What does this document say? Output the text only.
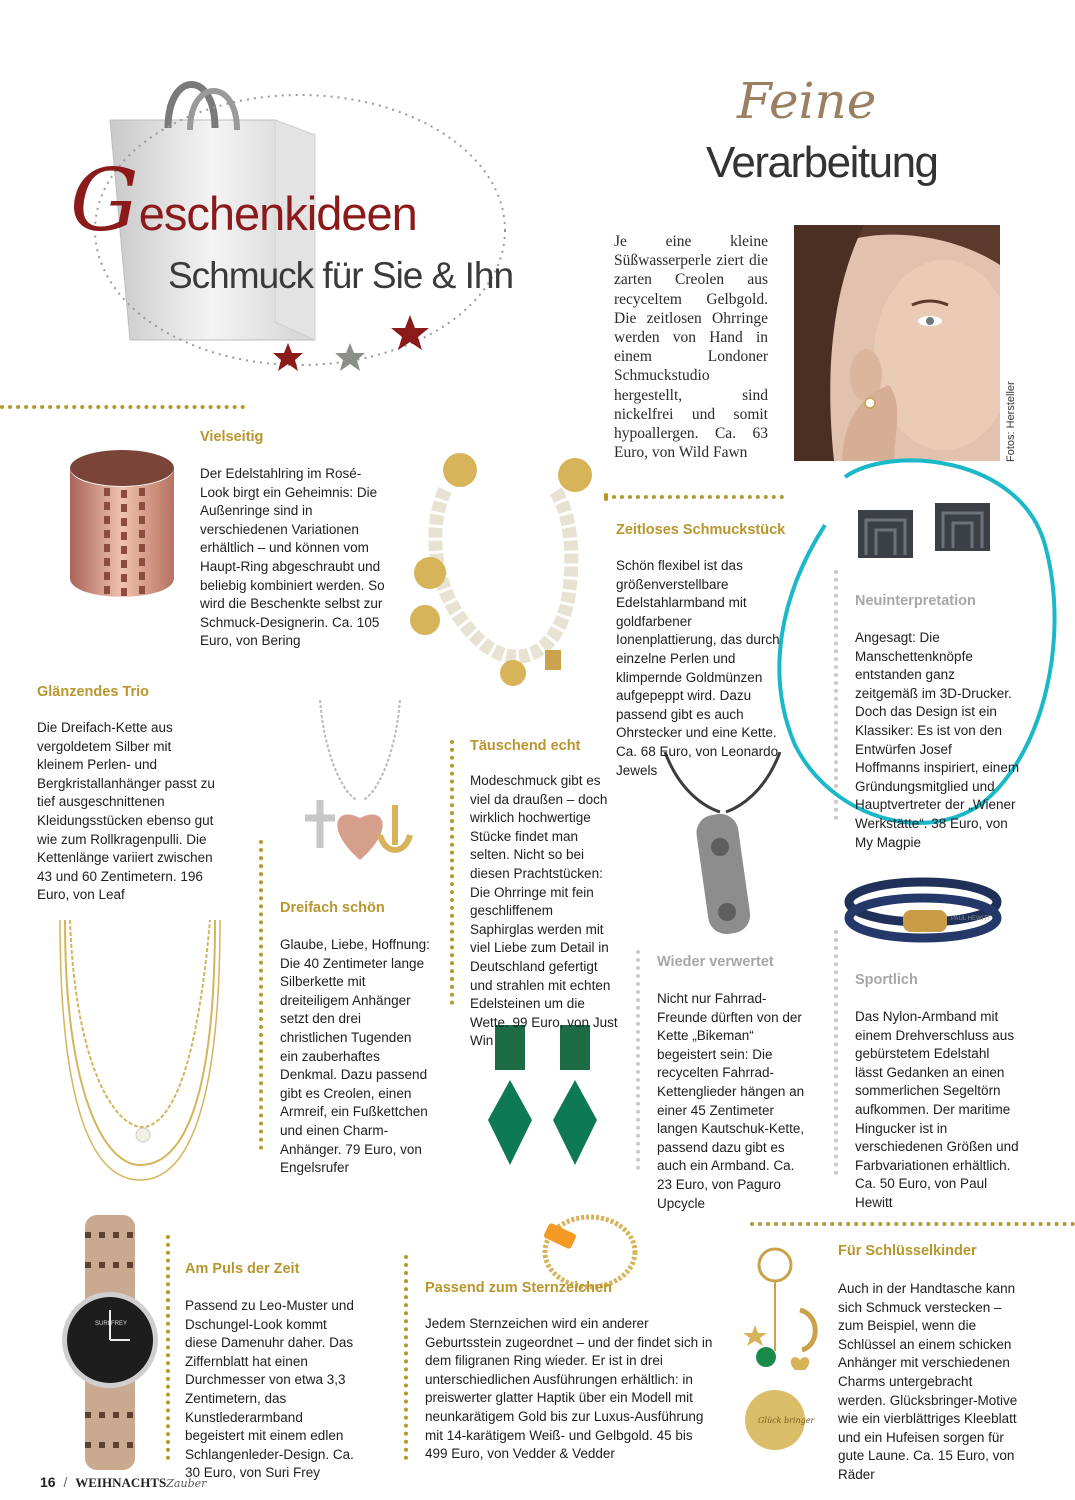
Geschenkideen
Schmuck für Sie & Ihn
Feine
Verarbeitung
Je eine kleine Süßwasserperle ziert die zarten Creolen aus recyceltem Gelbgold. Die zeitlosen Ohrringe werden von Hand in einem Londoner Schmuckstudio hergestellt, sind nickelfrei und somit hypoallergen. Ca. 63 Euro, von Wild Fawn	Fotos: Hersteller
PAUL HEWITT
SURI FREY
Glück bringer
Vielseitig
Der Edelstahlring im Rosé-Look birgt ein Geheimnis: Die Außenringe sind in verschiedenen Variationen erhältlich – und können vom Haupt-Ring abgeschraubt und beliebig kombiniert werden. So wird die Beschenkte selbst zur Schmuck-Designerin. Ca. 105 Euro, von Bering
Zeitloses Schmuckstück
Schön flexibel ist das größenverstellbare Edelstahlarmband mit goldfarbener Ionenplattierung, das durch einzelne Perlen und klimpernde Goldmünzen aufgepeppt wird. Dazu passend gibt es auch Ohrstecker und eine Kette. Ca. 68 Euro, von Leonardo Jewels
Neuinterpretation
Angesagt: Die Manschettenknöpfe entstanden ganz zeitgemäß im 3D-Drucker. Doch das Design ist ein Klassiker: Es ist von den Entwürfen Josef Hoffmanns inspiriert, einem Gründungsmitglied und Hauptvertreter der „Wiener Werkstätte“. 38 Euro, von My Magpie
Glänzendes Trio
Die Dreifach-Kette aus vergoldetem Silber mit kleinem Perlen- und Bergkristallanhänger passt zu tief ausgeschnittenen Kleidungsstücken ebenso gut wie zum Rollkragenpulli. Die Kettenlänge variiert zwischen 43 und 60 Zentimetern. 196 Euro, von Leaf
Dreifach schön
Glaube, Liebe, Hoffnung: Die 40 Zentimeter lange Silberkette mit dreiteiligem Anhänger setzt den drei christlichen Tugenden ein zauberhaftes Denkmal. Dazu passend gibt es Creolen, einen Armreif, ein Fußkettchen und einen Charm-Anhänger. 79 Euro, von Engelsrufer
Täuschend echt
Modeschmuck gibt es viel da draußen – doch wirklich hochwertige Stücke findet man selten. Nicht so bei diesen Prachtstücken: Die Ohrringe mit fein geschliffenem Saphirglas werden mit viel Liebe zum Detail in Deutschland gefertigt und strahlen mit echten Edelsteinen um die Wette. 99 Euro, von Just Win
Wieder verwertet
Nicht nur Fahrrad-Freunde dürften von der Kette „Bikeman“ begeistert sein: Die recycelten Fahrrad-Kettenglieder hängen an einer 45 Zentimeter langen Kautschuk-Kette, passend dazu gibt es auch ein Armband. Ca. 23 Euro, von Paguro Upcycle
Sportlich
Das Nylon-Armband mit einem Drehverschluss aus gebürstetem Edelstahl lässt Gedanken an einen sommerlichen Segeltörn aufkommen. Der maritime Hingucker ist in verschiedenen Größen und Farbvariationen erhältlich. Ca. 50 Euro, von Paul Hewitt
Am Puls der Zeit
Passend zu Leo-Muster und Dschungel-Look kommt diese Damenuhr daher. Das Ziffernblatt hat einen Durchmesser von etwa 3,3 Zentimetern, das Kunstlederarmband begeistert mit einem edlen Schlangenleder-Design. Ca. 30 Euro, von Suri Frey
Passend zum Sternzeichen
Jedem Sternzeichen wird ein anderer Geburtsstein zugeordnet – und der findet sich in dem filigranen Ring wieder. Er ist in drei unterschiedlichen Ausführungen erhältlich: in preiswerter glatter Haptik über ein Modell mit neunkarätigem Gold bis zur Luxus-Ausführung mit 14-karätigem Weiß- und Gelbgold. 45 bis 499 Euro, von Vedder & Vedder
Für Schlüsselkinder
Auch in der Handtasche kann sich Schmuck verstecken – zum Beispiel, wenn die Schlüssel an einem schicken Anhänger mit verschiedenen Charms untergebracht werden. Glücksbringer-Motive wie ein vierblättriges Kleeblatt und ein Hufeisen sorgen für gute Laune. Ca. 15 Euro, von Räder
16 / WEIHNACHTSZauber
